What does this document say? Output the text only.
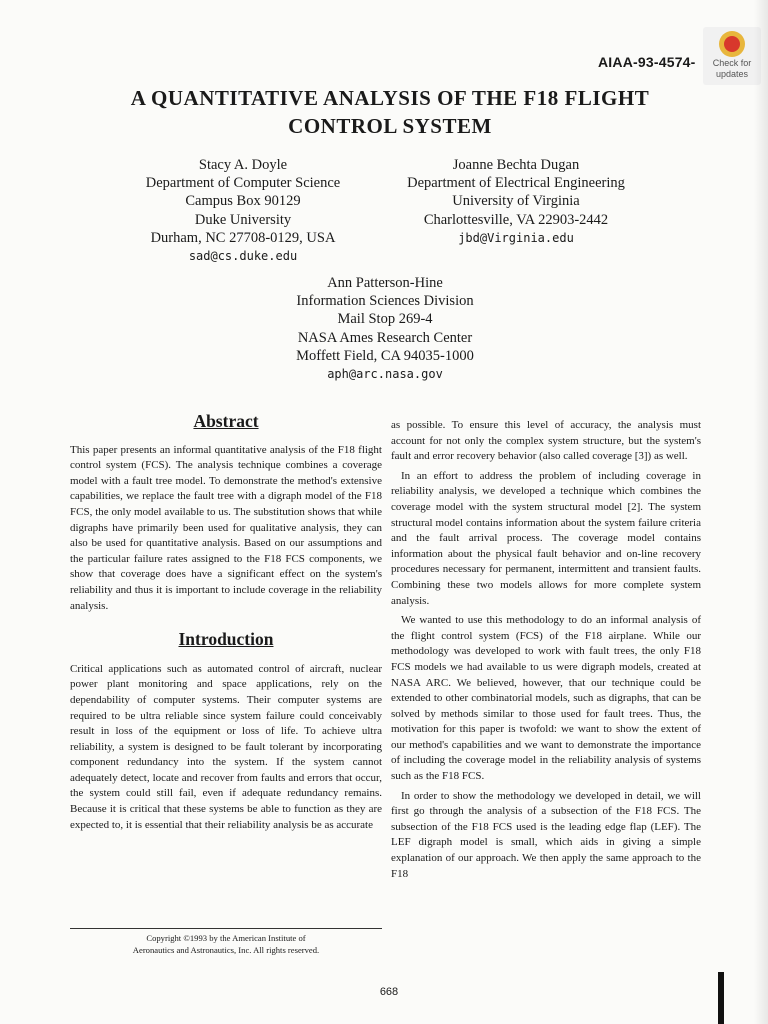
AIAA-93-4574-	Check for
updates
A QUANTITATIVE ANALYSIS OF THE F18 FLIGHT
CONTROL SYSTEM
Stacy A. Doyle
Department of Computer Science
Campus Box 90129
Duke University
Durham, NC 27708-0129, USA
sad@cs.duke.edu
Joanne Bechta Dugan
Department of Electrical Engineering
University of Virginia
Charlottesville, VA 22903-2442
jbd@Virginia.edu
Ann Patterson-Hine
Information Sciences Division
Mail Stop 269-4
NASA Ames Research Center
Moffett Field, CA 94035-1000
aph@arc.nasa.gov
Abstract

This paper presents an informal quantitative analysis of the F18 flight control system (FCS). The analysis technique combines a coverage model with a fault tree model. To demonstrate the method's extensive capabilities, we replace the fault tree with a digraph model of the F18 FCS, the only model available to us. The substitution shows that while digraphs have primarily been used for qualitative analysis, they can also be used for quantitative analysis. Based on our assumptions and the particular failure rates assigned to the F18 FCS components, we show that coverage does have a significant effect on the system's reliability and thus it is important to include coverage in the reliability analysis.

Introduction

Critical applications such as automated control of aircraft, nuclear power plant monitoring and space applications, rely on the dependability of computer systems. Their computer systems are required to be ultra reliable since system failure could conceivably result in loss of the equipment or loss of life. To achieve ultra reliability, a system is designed to be fault tolerant by incorporating component redundancy into the system. If the system cannot adequately detect, locate and recover from faults and errors that occur, the system could still fail, even if adequate redundancy remains. Because it is critical that these systems be able to function as they are expected to, it is essential that their reliability analysis be as accurate

as possible. To ensure this level of accuracy, the analysis must account for not only the complex system structure, but the system's fault and error recovery behavior (also called coverage [3]) as well.

In an effort to address the problem of including coverage in reliability analysis, we developed a technique which combines the coverage model with the system structural model [2]. The system structural model contains information about the system failure criteria and the fault arrival process. The coverage model contains information about the physical fault behavior and on-line recovery procedures necessary for permanent, intermittent and transient faults. Combining these two models allows for more complete system analysis.

We wanted to use this methodology to do an informal analysis of the flight control system (FCS) of the F18 airplane. While our methodology was developed to work with fault trees, the only F18 FCS models we had available to us were digraph models, created at NASA ARC. We believed, however, that our technique could be extended to other combinatorial models, such as digraphs, that can be solved by methods similar to those used for fault trees. Thus, the motivation for this paper is twofold: we want to show the extent of our method's capabilities and we want to demonstrate the importance of including the coverage model in the reliability analysis of systems such as the F18 FCS.

In order to show the methodology we developed in detail, we will first go through the analysis of a subsection of the F18 FCS. The subsection of the F18 FCS used is the leading edge flap (LEF). The LEF digraph model is small, which aids in giving a simple explanation of our approach. We then apply the same approach to the F18

Copyright ©1993 by the American Institute of
Aeronautics and Astronautics, Inc. All rights reserved.
668
